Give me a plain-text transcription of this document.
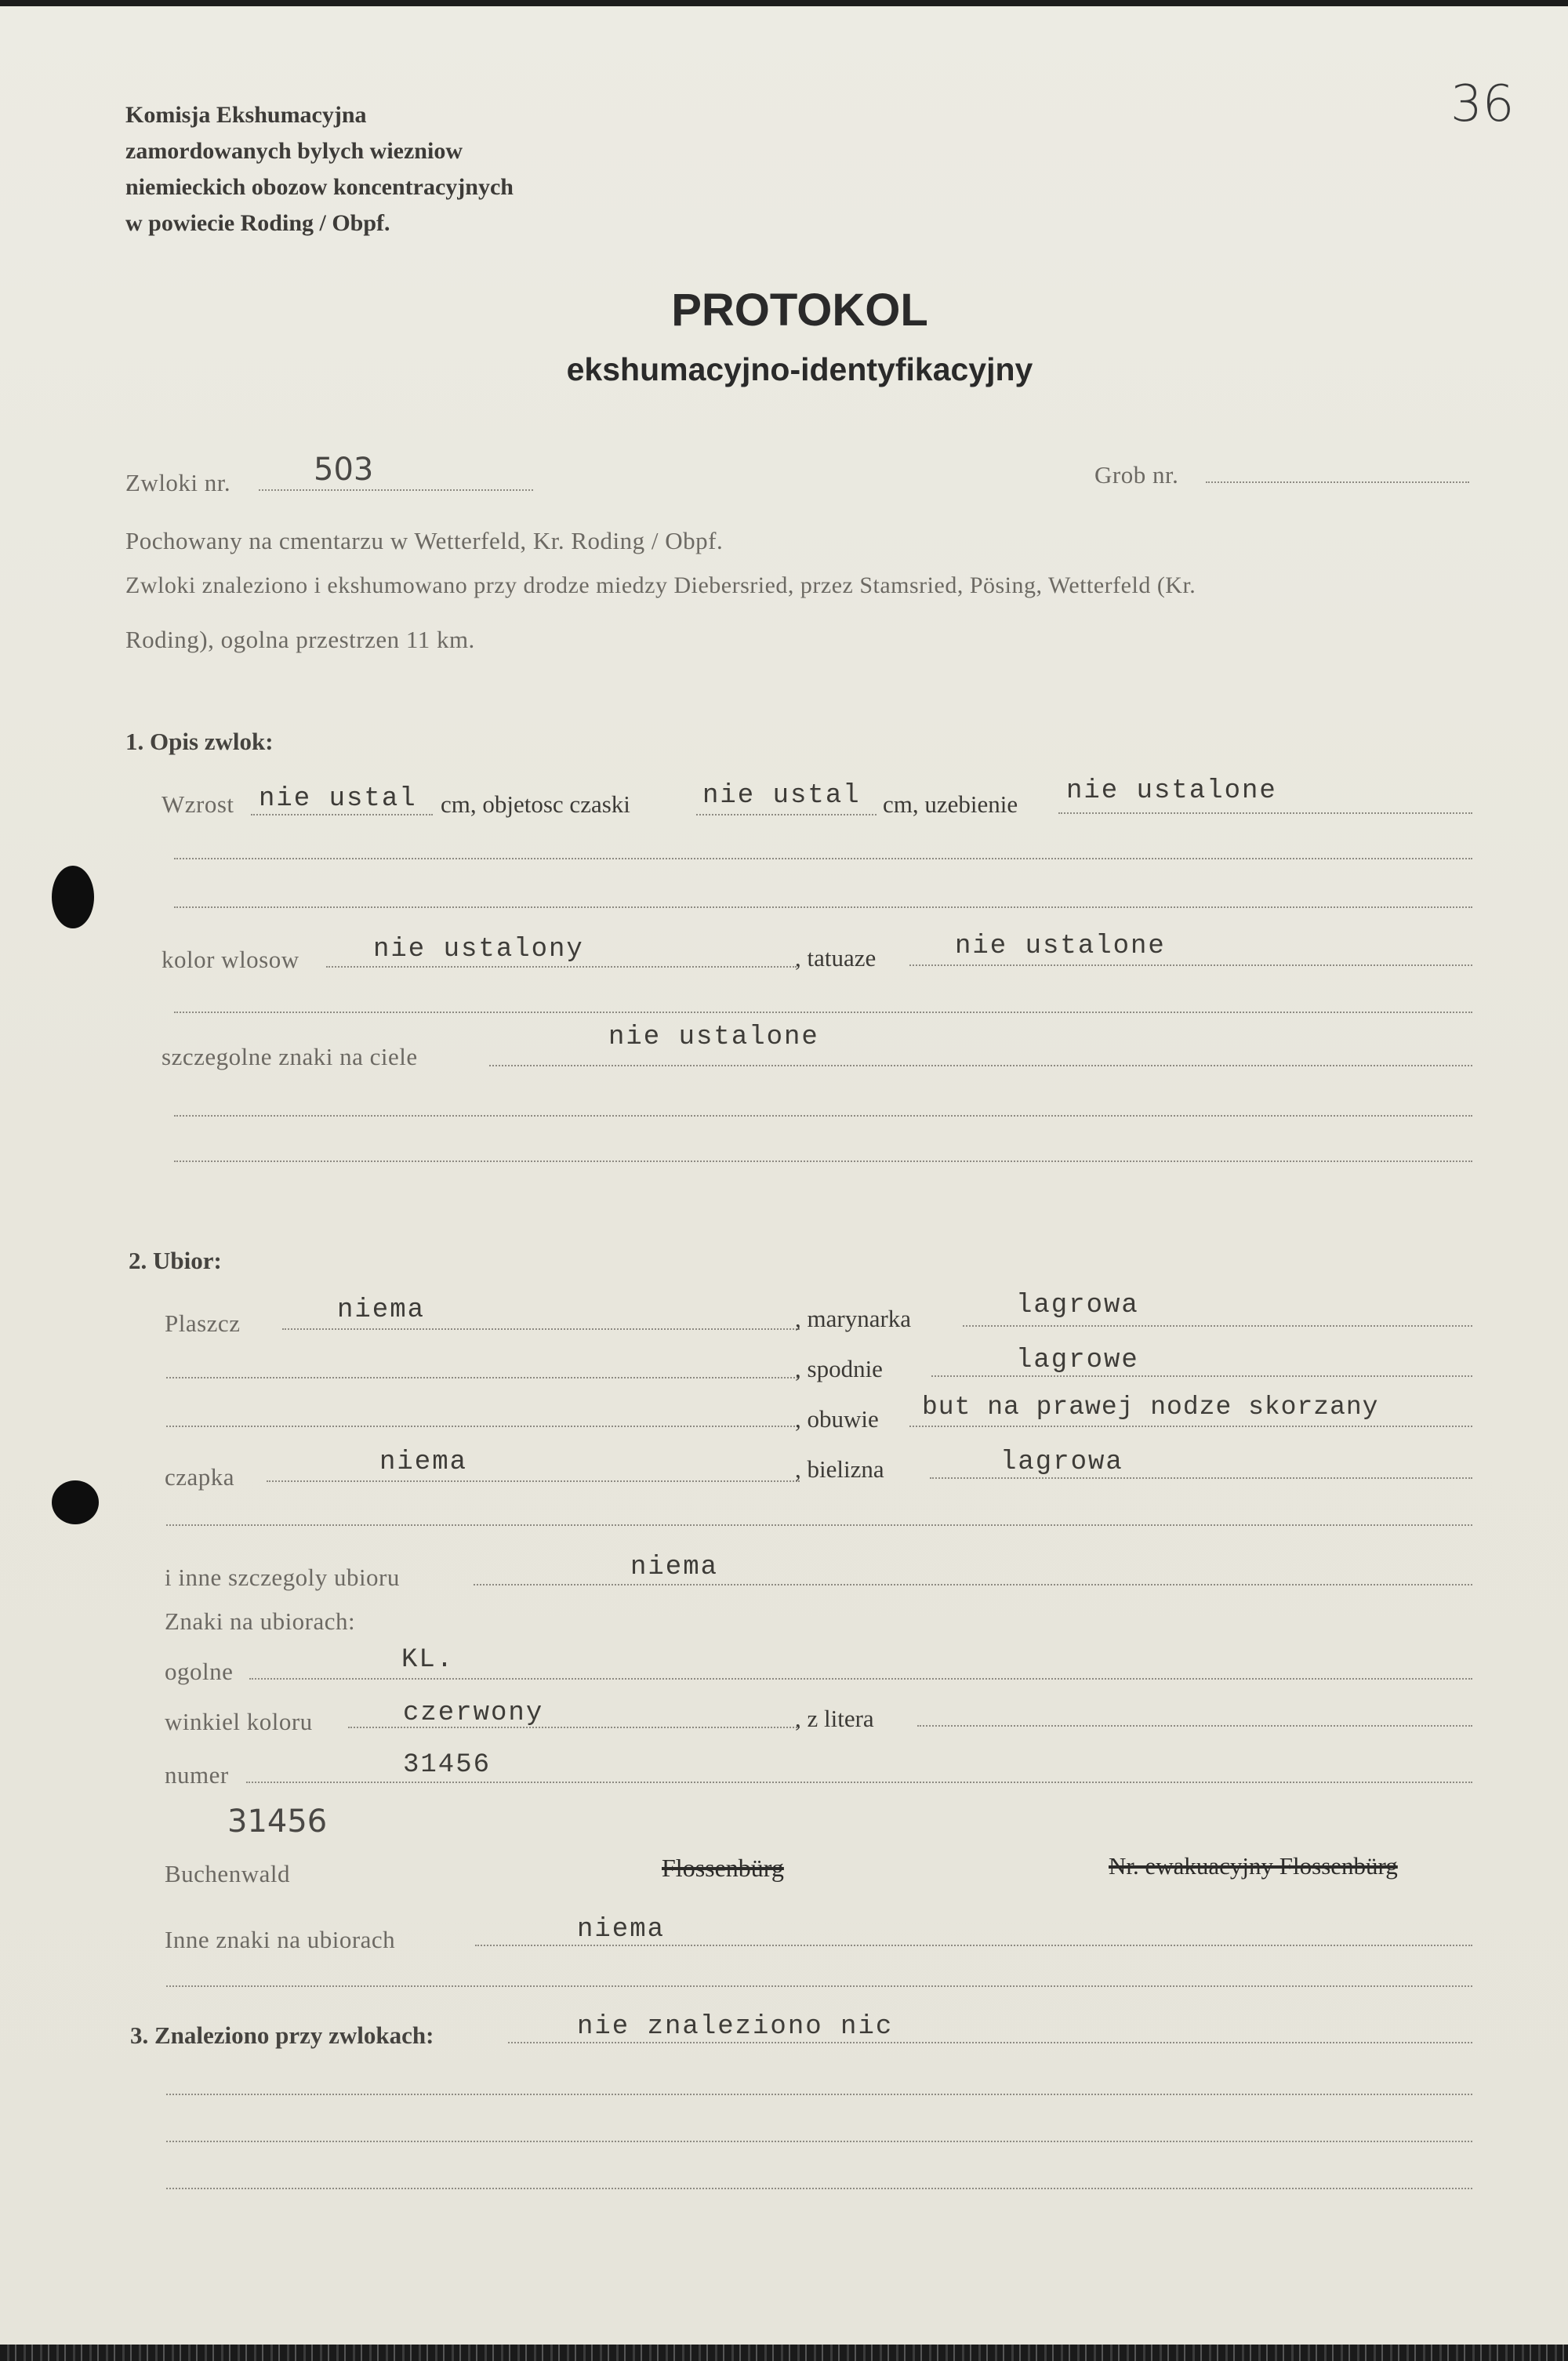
36
Komisja Ekshumacyjna
zamordowanych bylych wiezniow
niemieckich obozow koncentracyjnych
w powiecie Roding / Obpf.
PROTOKOL
ekshumacyjno-identyfikacyjny
Zwloki nr.	503	Grob nr.
Pochowany na cmentarzu w Wetterfeld, Kr. Roding / Obpf.
Zwloki znaleziono i ekshumowano przy drodze miedzy Diebersried, przez Stamsried, Pösing, Wetterfeld (Kr.
Roding), ogolna przestrzen 11 km.
1. Opis zwlok:
Wzrost nie ustal cm, objetosc czaski	nie ustal cm, uzebienie nie ustalone
kolor wlosow	nie ustalony	, tatuaze	nie ustalone
szczegolne znaki na ciele
nie ustalone
2. Ubior:
Plaszcz	niema	, marynarka	lagrowa
, spodnie	lagrowe
, obuwie but na prawej nodze skorzany
czapka	niema	, bielizna	lagrowa
i inne szczegoly ubioru	niema
Znaki na ubiorach:
ogolne	KL.
winkiel koloru	czerwony	, z litera
numer	31456
31456
Buchenwald	Flossenbürg	Nr. ewakuacyjny Flossenbürg
Inne znaki na ubiorach	niema
3. Znaleziono przy zwlokach:	nie znaleziono nic
